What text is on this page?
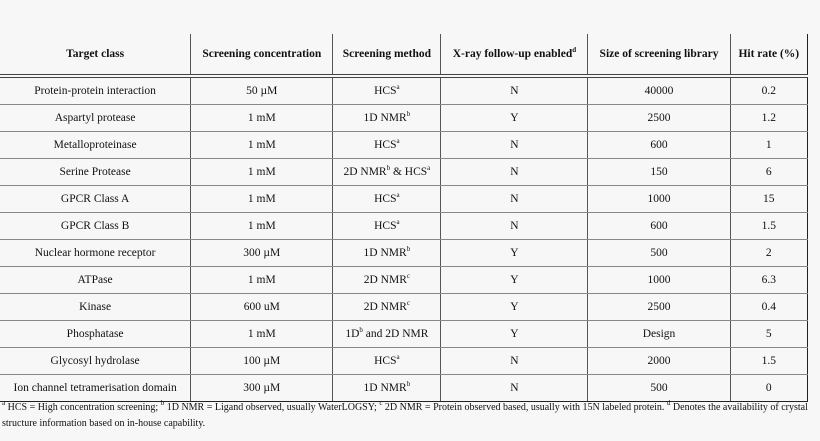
Target class	Screening concentration	Screening method	X-ray follow-up enabled$^d$	Size of screening library	Hit rate (%)
Protein-protein interaction	50 µM	HCS$^a$	N	40000	0.2
Aspartyl protease	1 mM	1D NMR$^b$	Y	2500	1.2
Metalloproteinase	1 mM	HCS$^a$	N	600	1
Serine Protease	1 mM	2D NMR$^b$ & HCS$^a$	N	150	6
GPCR Class A	1 mM	HCS$^a$	N	1000	15
GPCR Class B	1 mM	HCS$^a$	N	600	1.5
Nuclear hormone receptor	300 µM	1D NMR$^b$	Y	500	2
ATPase	1 mM	2D NMR$^c$	Y	1000	6.3
Kinase	600 uM	2D NMR$^c$	Y	2500	0.4
Phosphatase	1 mM	$1D^b$ and 2D NMR	Y	Design	5
Glycosyl hydrolase	100 µM	HCS$^a$	N	2000	1.5
Ion channel tetramerisation domain	300 µM	1D NMR$^b$	N	500	0
$^a$ HCS = High concentration screening; $^b$ 1D NMR = Ligand observed, usually WaterLOGSY; $^c$ 2D NMR = Protein observed based, usually with 15N labeled protein. $^d$ Denotes the availability of crystal structure information based on in-house capability.
